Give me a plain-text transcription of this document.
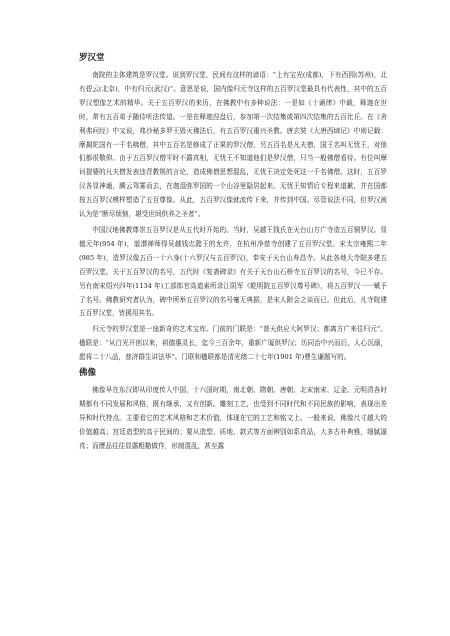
罗汉堂

南院的主体建筑是罗汉堂。说到罗汉堂，民间有这样的谚语：“上有宝光(成都)，下有西园(苏州)，北有碧云(北京)，中有归元(武汉)”。意思是说，国内像归元寺这样的五百罗汉堂最具有代表性，其中的五百罗汉塑像艺术的精华。关于五百罗汉的来历，在佛教中有多种说法：一是如《十诵律》中载，释迦在世时，常有五百弟子随侍听法传道。一是在释迦涅盘后，参加第一次结集或第四次结集的五百比丘。在《舍利弗问经》中又说，弗沙秘多罗王毁灭佛法后，有五百罗汉重兴圣教。唐玄奘《大唐西域记》中则记载：摩揭陀国有一千名佛僧，其中五百名是修成了正果的罗汉僧，另五百名是凡夫僧，国王名叫无忧王，对他们都很敬仰。由于五百罗汉僧平时不露真相，无忧王不知道他们是罗汉僧，只当一般佛僧看待。有位叫摩诃提婆的凡夫僧发表违背教规的言论，造成佛僧思想混乱，无忧王决定处死这一千名佛僧。这时，五百罗汉各显神通，腾云驾雾而去，在迦湿弥罗国的一个山谷里隐居起来。无忧王知情后专程来道歉，并在国都按五百罗汉模样塑造了五百尊像。从此，五百罗汉像就流传下来，并传到中国。尽管说法不同，但罗汉被认为是“断尽烦恼，堪受世间供养之圣者”。

中国汉地佛教尊崇五百罗汉是从五代时开始的。当时，吴越王钱氏在天台山方广寺造五百铜罗汉。显德元年(954 年)，道潜禅师得吴越钱忠懿王的允许，在杭州净慈寺创建了五百罗汉堂。宋太宗雍熙二年(985 年)，造罗汉像五百一十六身(十六罗汉与五百罗汉)，奉安于天台山寿昌寺。从此各地大寺院多建五百罗汉堂。关于五百罗汉的名号，五代时《复斋碑录》有关于天台山石桥寺五百罗汉的名号，今已不存。另有南宋绍兴四年(1134 年)工部郎官高道素所录江阴军《乾明院五百罗汉尊号碑》，将五百罗汉一一赋予了名号。佛教研究者认为，碑中所举五百罗汉的名号毫无典据，是宋人附会之谈而已。但此后，凡寺院建五百罗汉堂，皆援用其名。

归元寺的罗汉堂是一座新奇的艺术宝库。门前的门联是：“普天供应大阿罗汉；都离方广来往归元”。楹联是：“从白光开创以来，祖德惠灵长，迄今三百余年，重新广厦供罗汉；历同治中兴而后，人心沉溺，愿将二十八品，普济群生讲法华”。门联和楹联都是清光绪二十七年(1901 年)曹生谦题写的。

佛像

佛像早在东汉即从印度传入中国，十六国时期，南北朝、隋朝、唐朝、北宋南宋、辽金、元明清各时期都有不同发展和风格，既有继承，又有创新。雕刻工艺，也受到不同时代和不同民族的影响，表现出差异和时代特点。主要看它的艺术风格和艺术价值，体现在它的工艺和铭文上。一般来说，佛像尺寸越大的价值越高；宫廷造型的高于民间的；要从造型、质地、款式等方面辨别如系真品，大多古朴典雅，细腻逼真；而赝品往往显露粗糙做作，形制混乱，甚至露
